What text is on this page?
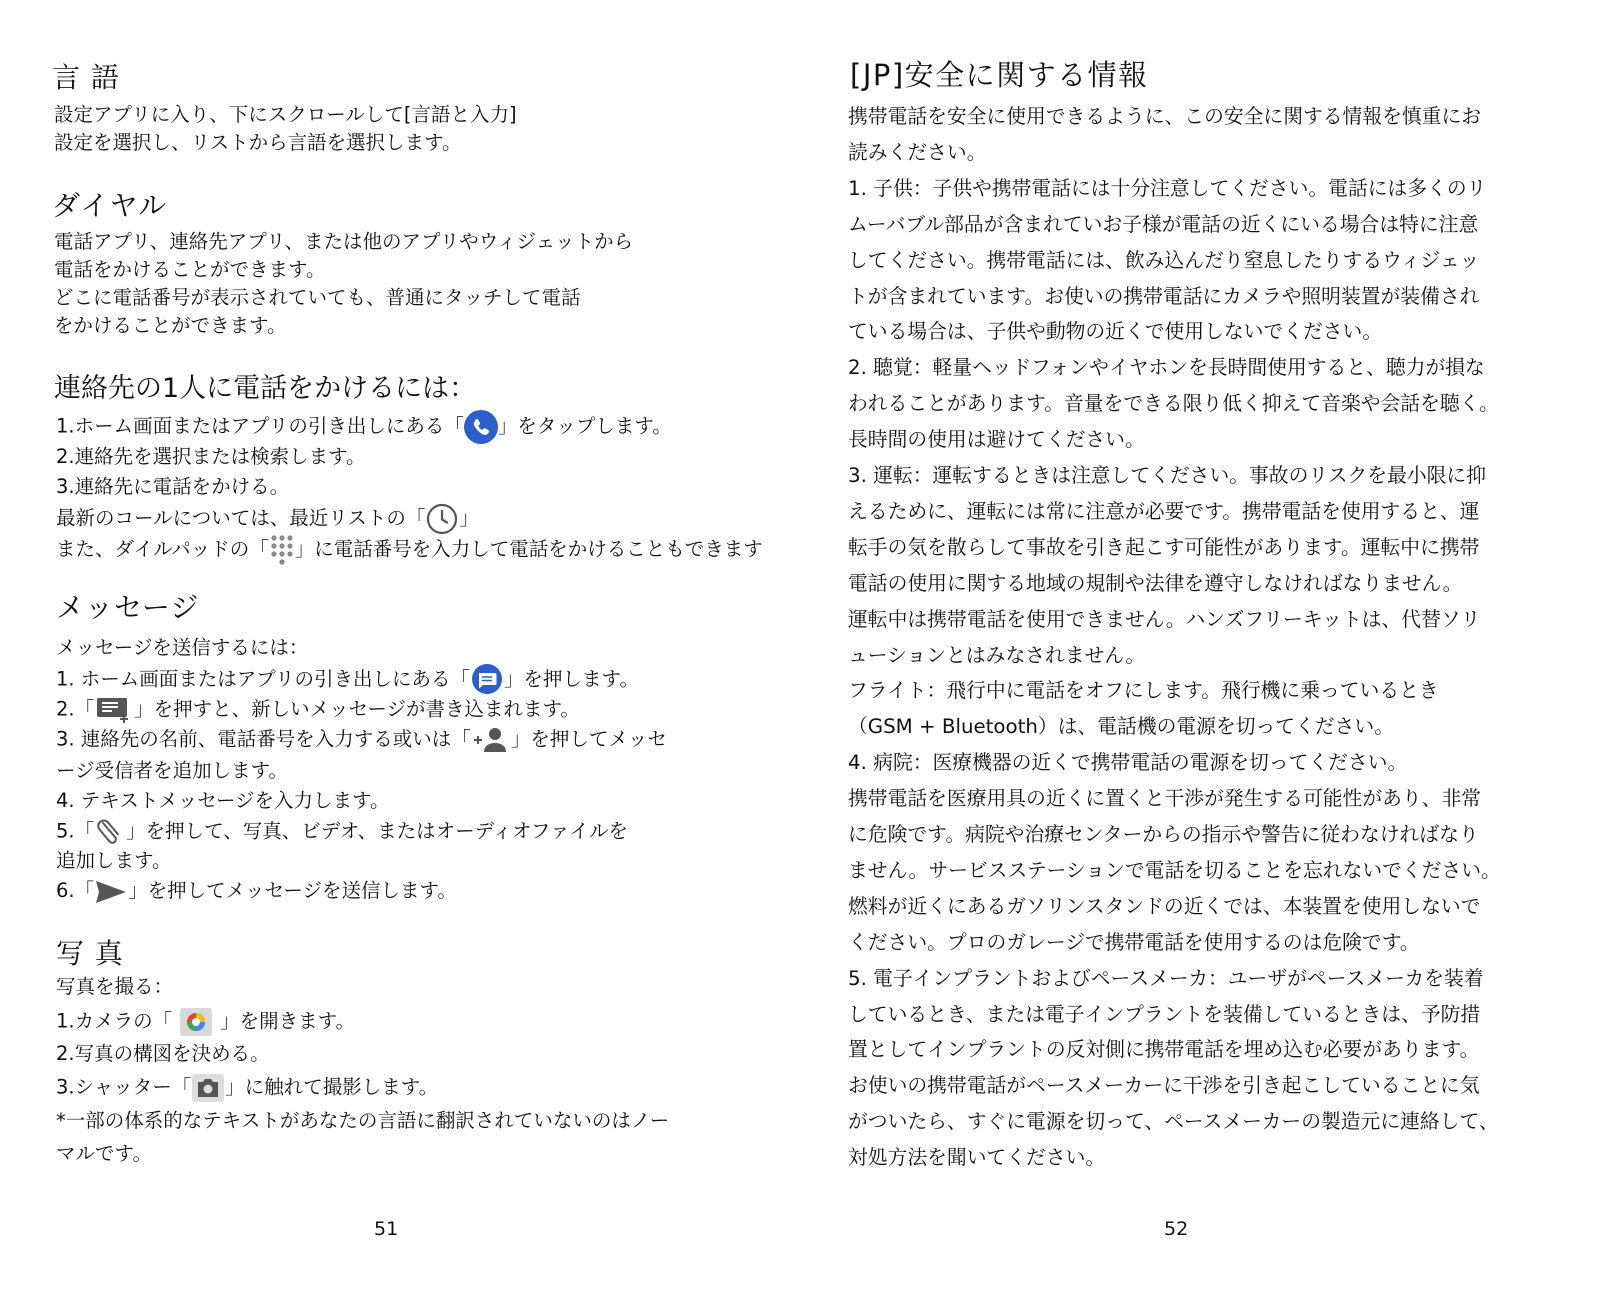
言 語

設定アプリに入り、下にスクロールして[言語と入力]

設定を選択し、リストから言語を選択します。

ダイヤル

電話アプリ、連絡先アプリ、または他のアプリやウィジェットから

電話をかけることができます。

どこに電話番号が表示されていても、普通にタッチして電話

をかけることができます。

連絡先の1人に電話をかけるには：

1.ホーム画面またはアプリの引き出しにある「 」をタップします。

2.連絡先を選択または検索します。

3.連絡先に電話をかける。

最新のコールについては、最近リストの「 」

また、ダイルパッドの「 」に電話番号を入力して電話をかけることもできます

メッセージ

メッセージを送信するには：

1. ホーム画面またはアプリの引き出しにある「 」を押します。

2.「 」を押すと、新しいメッセージが書き込まれます。

3. 連絡先の名前、電話番号を入力する或いは「 」を押してメッセ

ージ受信者を追加します。

4. テキストメッセージを入力します。

5.「 」を押して、写真、ビデオ、またはオーディオファイルを

追加します。

6.「 」を押してメッセージを送信します。

写 真

写真を撮る：

1.カメラの「 」を開きます。

2.写真の構図を決める。

3.シャッター「 」に触れて撮影します。

*一部の体系的なテキストがあなたの言語に翻訳されていないのはノー

マルです。

51

[JP]安全に関する情報

携帯電話を安全に使用できるように、この安全に関する情報を慎重にお

読みください。

1. 子供：子供や携帯電話には十分注意してください。電話には多くのリ

ムーバブル部品が含まれていお子様が電話の近くにいる場合は特に注意

してください。携帯電話には、飲み込んだり窒息したりするウィジェッ

トが含まれています。お使いの携帯電話にカメラや照明装置が装備され

ている場合は、子供や動物の近くで使用しないでください。

2. 聴覚：軽量ヘッドフォンやイヤホンを長時間使用すると、聴力が損な

われることがあります。音量をできる限り低く抑えて音楽や会話を聴く。

長時間の使用は避けてください。

3. 運転：運転するときは注意してください。事故のリスクを最小限に抑

えるために、運転には常に注意が必要です。携帯電話を使用すると、運

転手の気を散らして事故を引き起こす可能性があります。運転中に携帯

電話の使用に関する地域の規制や法律を遵守しなければなりません。

運転中は携帯電話を使用できません。ハンズフリーキットは、代替ソリ

ューションとはみなされません。

フライト：飛行中に電話をオフにします。飛行機に乗っているとき

（GSM + Bluetooth）は、電話機の電源を切ってください。

4. 病院：医療機器の近くで携帯電話の電源を切ってください。

携帯電話を医療用具の近くに置くと干渉が発生する可能性があり、非常

に危険です。病院や治療センターからの指示や警告に従わなければなり

ません。サービスステーションで電話を切ることを忘れないでください。

燃料が近くにあるガソリンスタンドの近くでは、本装置を使用しないで

ください。プロのガレージで携帯電話を使用するのは危険です。

5. 電子インプラントおよびペースメーカ：ユーザがペースメーカを装着

しているとき、または電子インプラントを装備しているときは、予防措

置としてインプラントの反対側に携帯電話を埋め込む必要があります。

お使いの携帯電話がペースメーカーに干渉を引き起こしていることに気

がついたら、すぐに電源を切って、ペースメーカーの製造元に連絡して、

対処方法を聞いてください。

52
